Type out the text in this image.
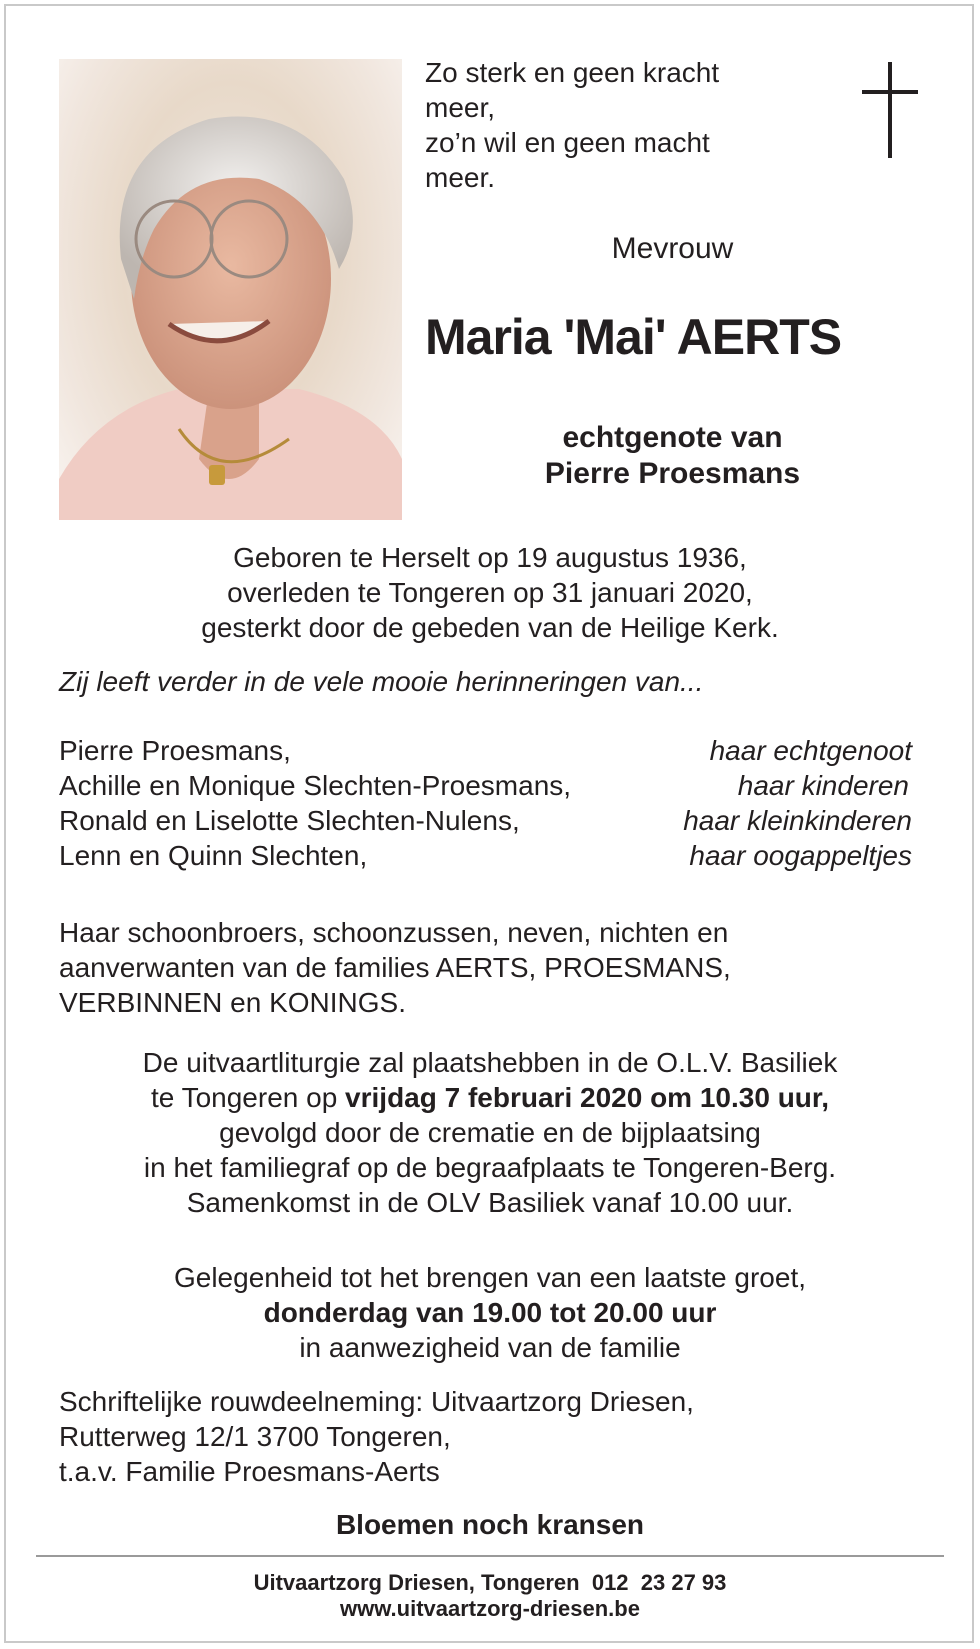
Zo sterk en geen kracht
meer,
zo’n wil en geen macht
meer.
Mevrouw
Maria 'Mai' AERTS
echtgenote van
Pierre Proesmans
Geboren te Herselt op 19 augustus 1936,
overleden te Tongeren op 31 januari 2020,
gesterkt door de gebeden van de Heilige Kerk.
Zij leeft verder in de vele mooie herinneringen van...
Pierre Proesmans,	haar echtgenoot
Achille en Monique Slechten-Proesmans,	haar kinderen
Ronald en Liselotte Slechten-Nulens,	haar kleinkinderen
Lenn en Quinn Slechten,	haar oogappeltjes
Haar schoonbroers, schoonzussen, neven, nichten en
aanverwanten van de families AERTS, PROESMANS,
VERBINNEN en KONINGS.
De uitvaartliturgie zal plaatshebben in de O.L.V. Basiliek
te Tongeren op vrijdag 7 februari 2020 om 10.30 uur,
gevolgd door de crematie en de bijplaatsing
in het familiegraf op de begraafplaats te Tongeren-Berg.
Samenkomst in de OLV Basiliek vanaf 10.00 uur.
Gelegenheid tot het brengen van een laatste groet,
donderdag van 19.00 tot 20.00 uur
in aanwezigheid van de familie
Schriftelijke rouwdeelneming: Uitvaartzorg Driesen,
Rutterweg 12/1 3700 Tongeren,
t.a.v. Familie Proesmans-Aerts
Bloemen noch kransen
Uitvaartzorg Driesen, Tongeren 012  23 27 93
www.uitvaartzorg-driesen.be
